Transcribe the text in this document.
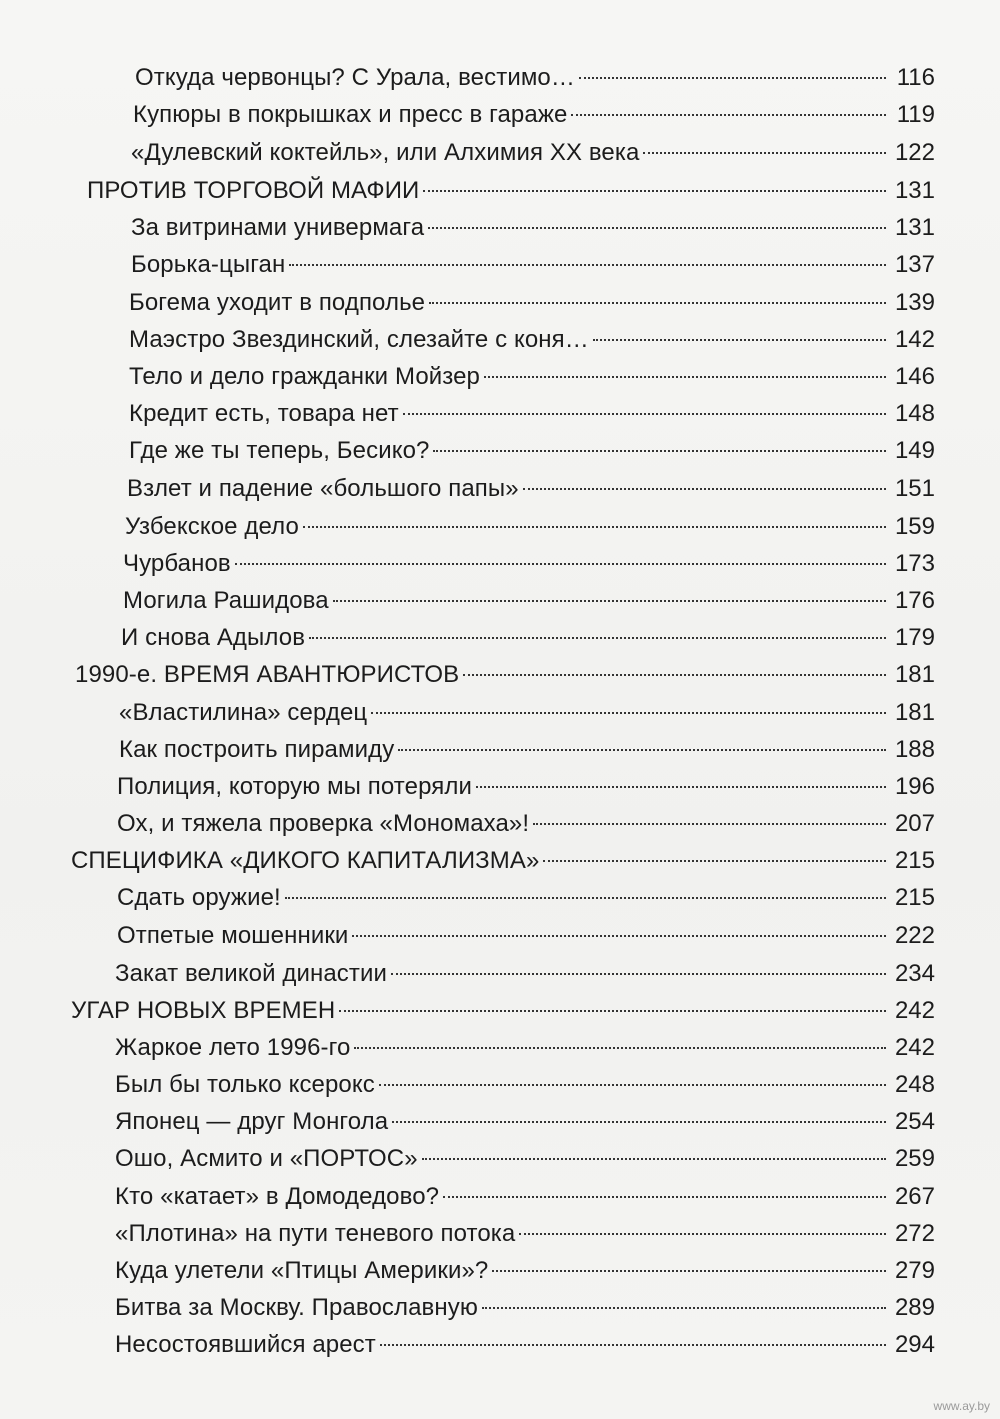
Откуда червонцы? С Урала, вестимо…	116
Купюры в покрышках и пресс в гараже	119
«Дулевский коктейль», или Алхимия XX века	122
ПРОТИВ ТОРГОВОЙ МАФИИ	131
За витринами универмага	131
Борька-цыган	137
Богема уходит в подполье	139
Маэстро Звездинский, слезайте с коня…	142
Тело и дело гражданки Мойзер	146
Кредит есть, товара нет	148
Где же ты теперь, Бесико?	149
Взлет и падение «большого папы»	151
Узбекское дело	159
Чурбанов	173
Могила Рашидова	176
И снова Адылов	179
1990-е. ВРЕМЯ АВАНТЮРИСТОВ	181
«Властилина» сердец	181
Как построить пирамиду	188
Полиция, которую мы потеряли	196
Ох, и тяжела проверка «Мономаха»!	207
СПЕЦИФИКА «ДИКОГО КАПИТАЛИЗМА»	215
Сдать оружие!	215
Отпетые мошенники	222
Закат великой династии	234
УГАР НОВЫХ ВРЕМЕН	242
Жаркое лето 1996-го	242
Был бы только ксерокс	248
Японец — друг Монгола	254
Ошо, Асмито и «ПОРТОС»	259
Кто «катает» в Домодедово?	267
«Плотина» на пути теневого потока	272
Куда улетели «Птицы Америки»?	279
Битва за Москву. Православную	289
Несостоявшийся арест	294
www.ay.by
